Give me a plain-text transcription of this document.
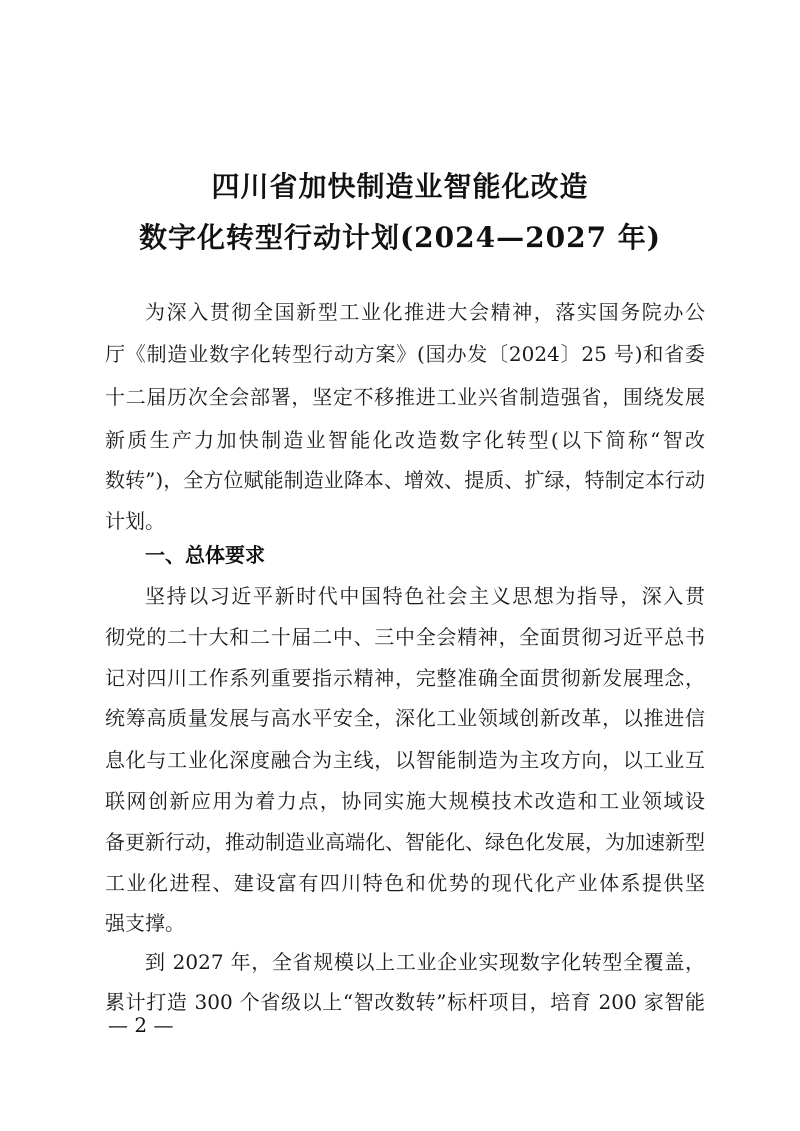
四川省加快制造业智能化改造
数字化转型行动计划(2024—2027 年)
为深入贯彻全国新型工业化推进大会精神，落实国务院办公
厅《制造业数字化转型行动方案》(国办发〔2024〕25 号)和省委
十二届历次全会部署，坚定不移推进工业兴省制造强省，围绕发展
新质生产力加快制造业智能化改造数字化转型(以下简称“智改
数转”)，全方位赋能制造业降本、增效、提质、扩绿，特制定本行动
计划。
一、总体要求
坚持以习近平新时代中国特色社会主义思想为指导，深入贯
彻党的二十大和二十届二中、三中全会精神，全面贯彻习近平总书
记对四川工作系列重要指示精神，完整准确全面贯彻新发展理念，
统筹高质量发展与高水平安全，深化工业领域创新改革，以推进信
息化与工业化深度融合为主线，以智能制造为主攻方向，以工业互
联网创新应用为着力点，协同实施大规模技术改造和工业领域设
备更新行动，推动制造业高端化、智能化、绿色化发展，为加速新型
工业化进程、建设富有四川特色和优势的现代化产业体系提供坚
强支撑。
到 2027 年，全省规模以上工业企业实现数字化转型全覆盖，
累计打造 300 个省级以上“智改数转”标杆项目，培育 200 家智能
— 2 —
